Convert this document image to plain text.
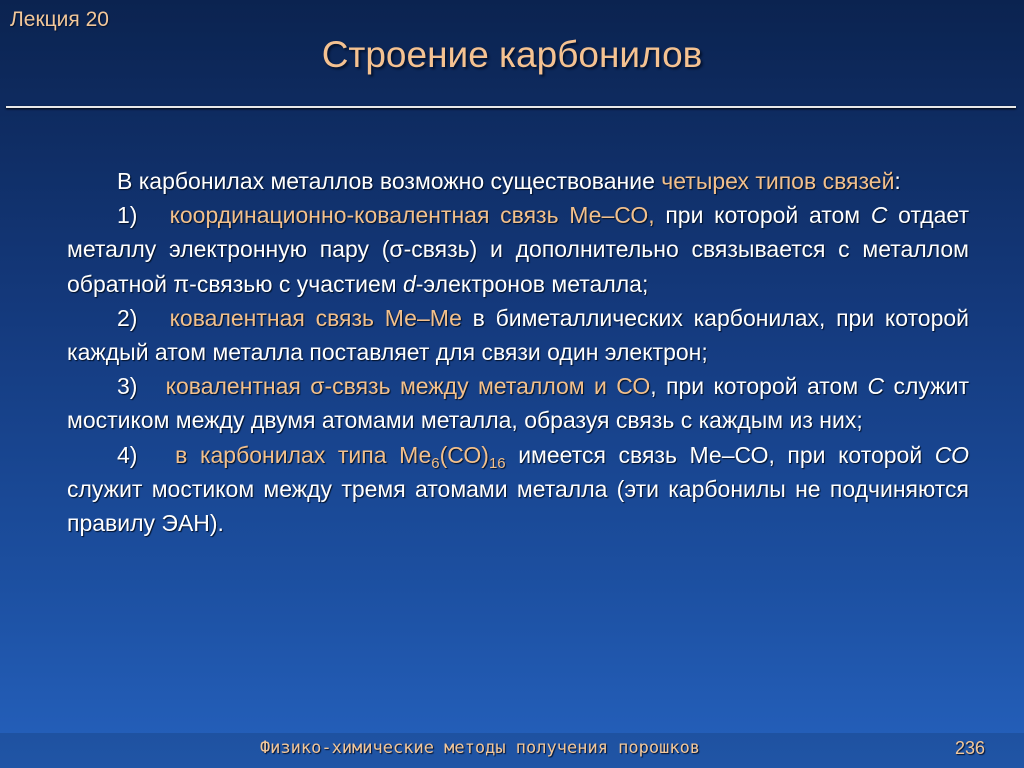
Лекция 20
Строение карбонилов

В карбонилах металлов возможно существование четырех типов связей:

1) координационно-ковалентная связь Ме–СО, при которой атом C отдает металлу электронную пару (σ-связь) и дополнительно связывается с металлом обратной π-связью с участием d-электронов металла;

2) ковалентная связь Ме–Ме в биметаллических карбонилах, при которой каждый атом металла поставляет для связи один электрон;

3) ковалентная σ-связь между металлом и СО, при которой атом С служит мостиком между двумя атомами металла, образуя связь с каждым из них;

4) в карбонилах типа $Ме_6(СО)_{16}$ имеется связь Ме–СО, при которой СО служит мостиком между тремя атомами металла (эти карбонилы не подчиняются правилу ЭАН).

Физико-химические методы получения порошков	236
